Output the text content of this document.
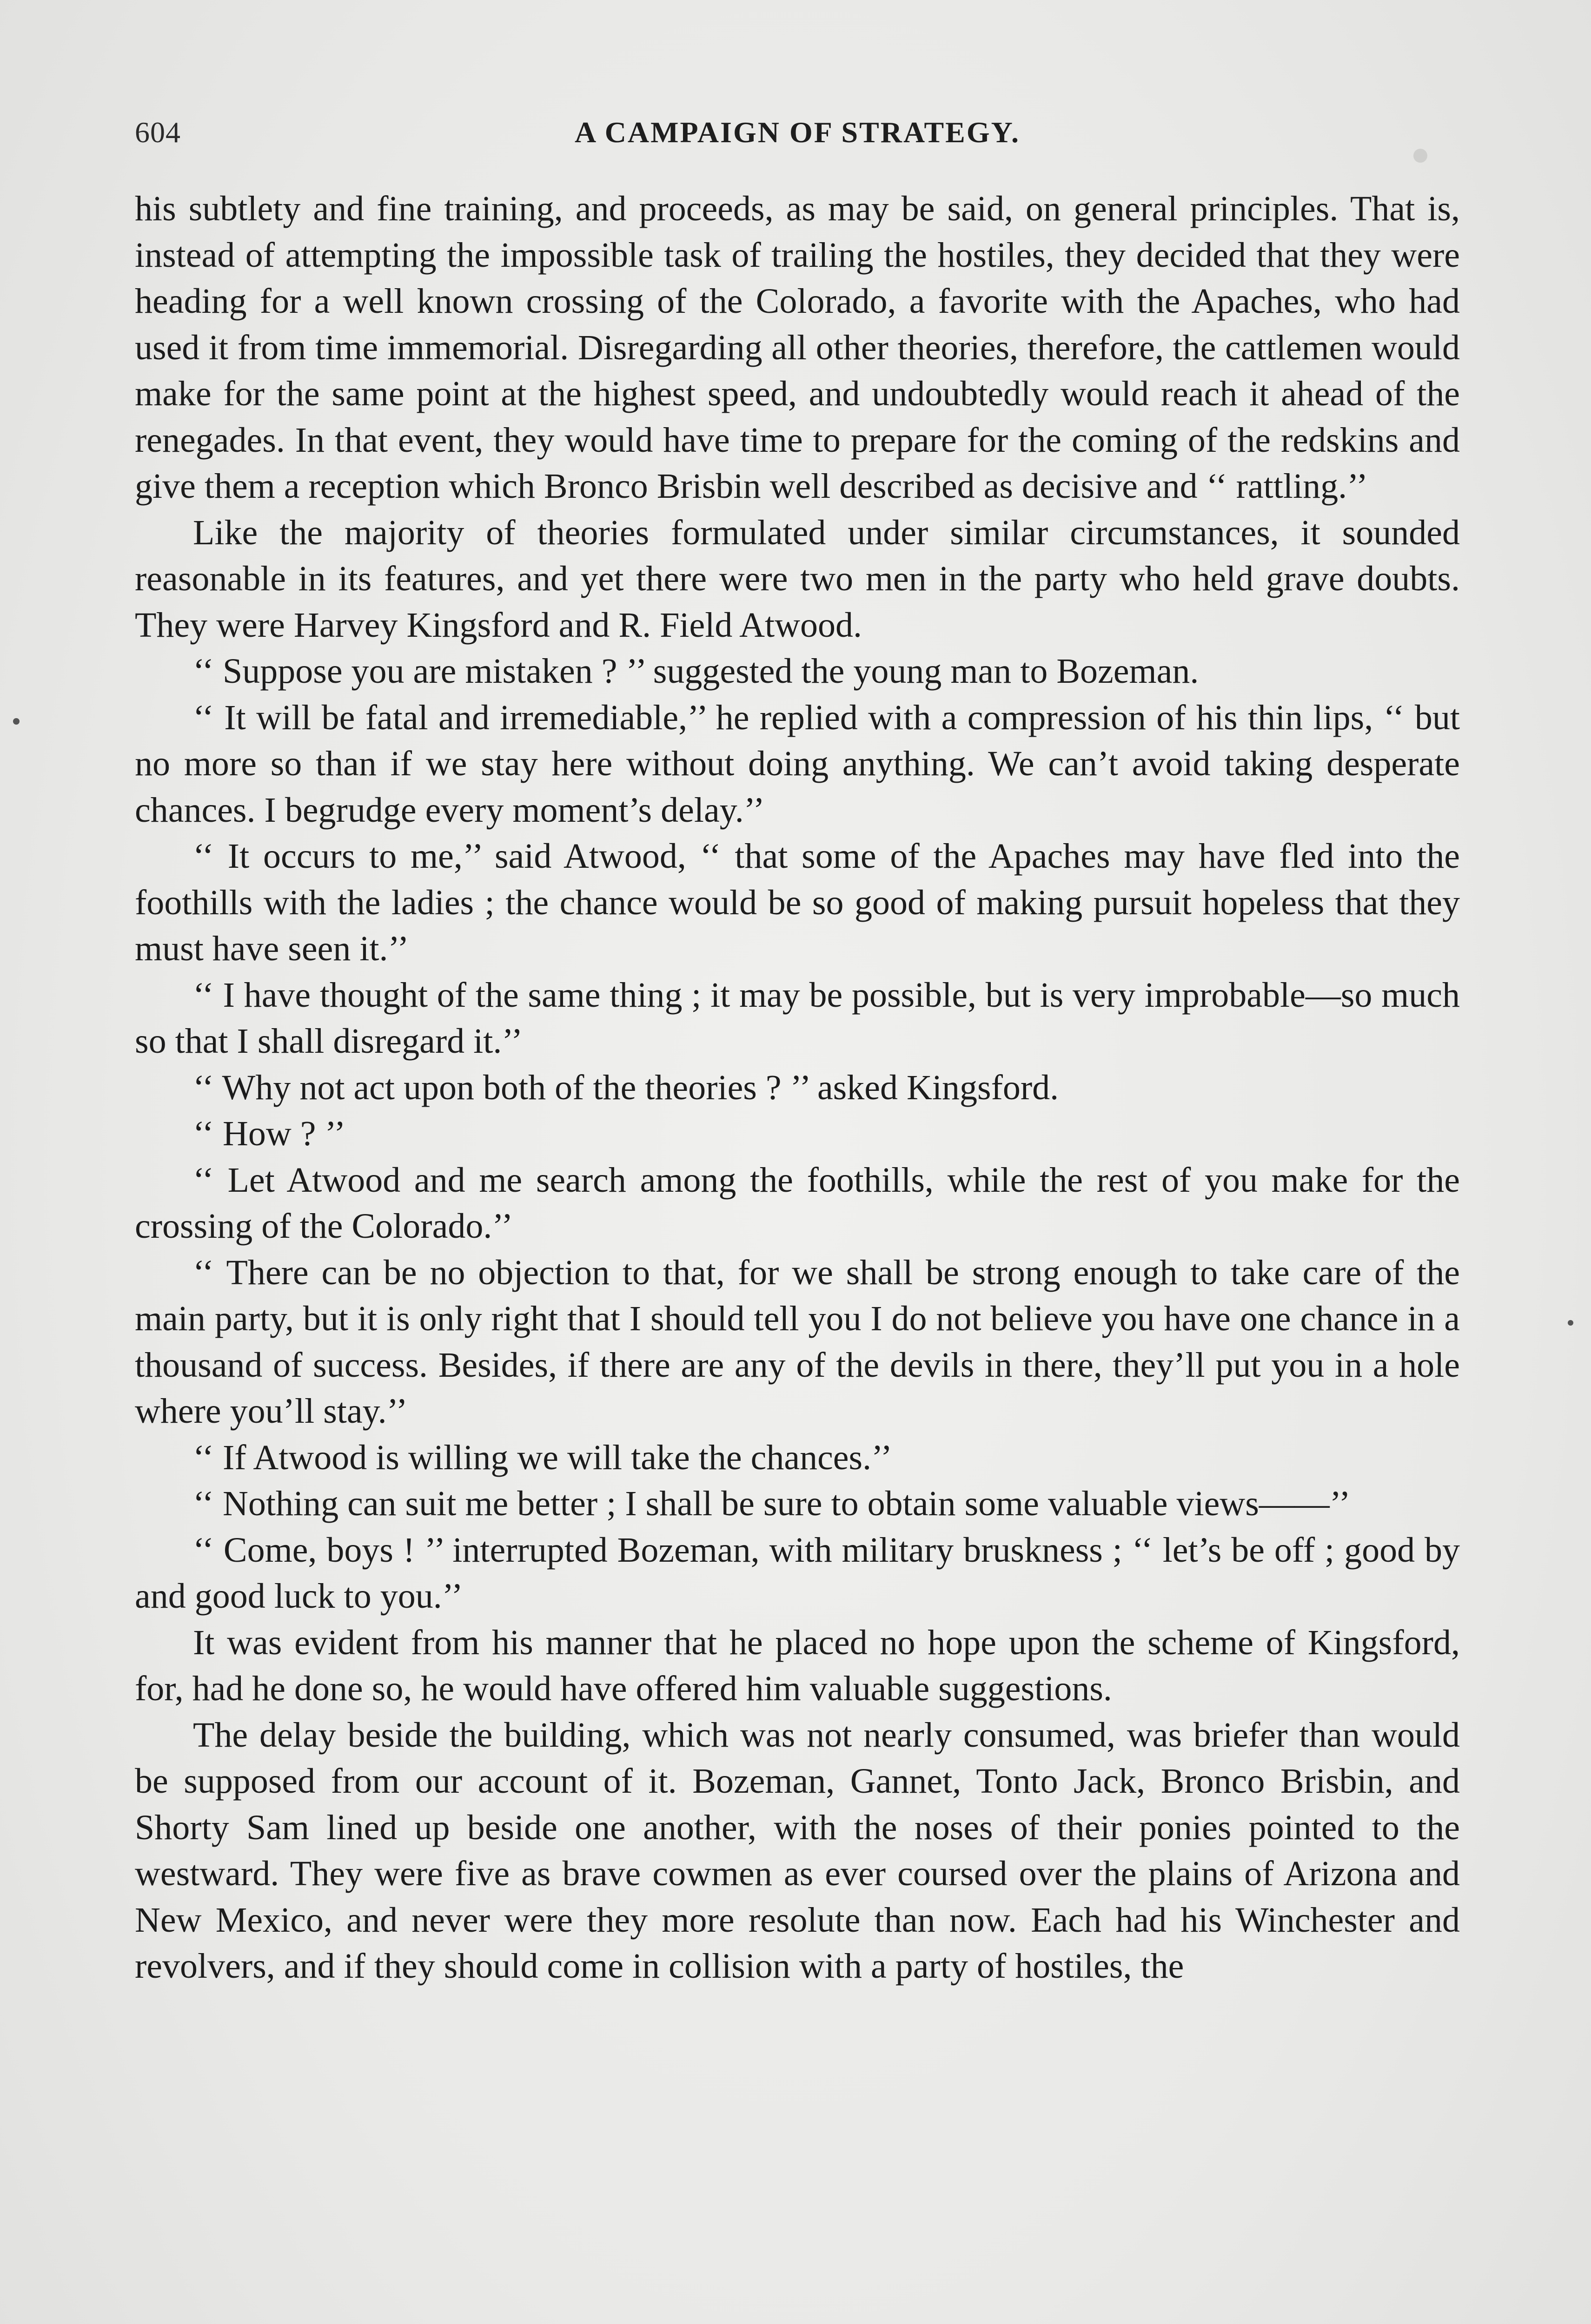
604	A CAMPAIGN OF STRATEGY.

his subtlety and fine training, and proceeds, as may be said, on general principles. That is, instead of attempting the impossible task of trailing the hostiles, they decided that they were heading for a well known crossing of the Colorado, a favorite with the Apaches, who had used it from time immemorial. Disregarding all other theories, therefore, the cattlemen would make for the same point at the highest speed, and undoubtedly would reach it ahead of the renegades. In that event, they would have time to prepare for the coming of the redskins and give them a reception which Bronco Brisbin well described as decisive and ‘‘ rattling.’’

Like the majority of theories formulated under similar circumstances, it sounded reasonable in its features, and yet there were two men in the party who held grave doubts. They were Harvey Kingsford and R. Field Atwood.

‘‘ Suppose you are mistaken ? ’’ suggested the young man to Bozeman.

‘‘ It will be fatal and irremediable,’’ he replied with a compression of his thin lips, ‘‘ but no more so than if we stay here without doing anything. We can’t avoid taking desperate chances. I begrudge every moment’s delay.’’

‘‘ It occurs to me,’’ said Atwood, ‘‘ that some of the Apaches may have fled into the foothills with the ladies ; the chance would be so good of making pursuit hopeless that they must have seen it.’’

‘‘ I have thought of the same thing ; it may be possible, but is very improbable—so much so that I shall disregard it.’’

‘‘ Why not act upon both of the theories ? ’’ asked Kingsford.

‘‘ How ? ’’

‘‘ Let Atwood and me search among the foothills, while the rest of you make for the crossing of the Colorado.’’

‘‘ There can be no objection to that, for we shall be strong enough to take care of the main party, but it is only right that I should tell you I do not believe you have one chance in a thousand of success. Besides, if there are any of the devils in there, they’ll put you in a hole where you’ll stay.’’

‘‘ If Atwood is willing we will take the chances.’’

‘‘ Nothing can suit me better ; I shall be sure to obtain some valuable views——’’

‘‘ Come, boys ! ’’ interrupted Bozeman, with military bruskness ; ‘‘ let’s be off ; good by and good luck to you.’’

It was evident from his manner that he placed no hope upon the scheme of Kingsford, for, had he done so, he would have offered him valuable suggestions.

The delay beside the building, which was not nearly consumed, was briefer than would be supposed from our account of it. Bozeman, Gannet, Tonto Jack, Bronco Brisbin, and Shorty Sam lined up beside one another, with the noses of their ponies pointed to the westward. They were five as brave cowmen as ever coursed over the plains of Arizona and New Mexico, and never were they more resolute than now. Each had his Winchester and revolvers, and if they should come in collision with a party of hostiles, the
